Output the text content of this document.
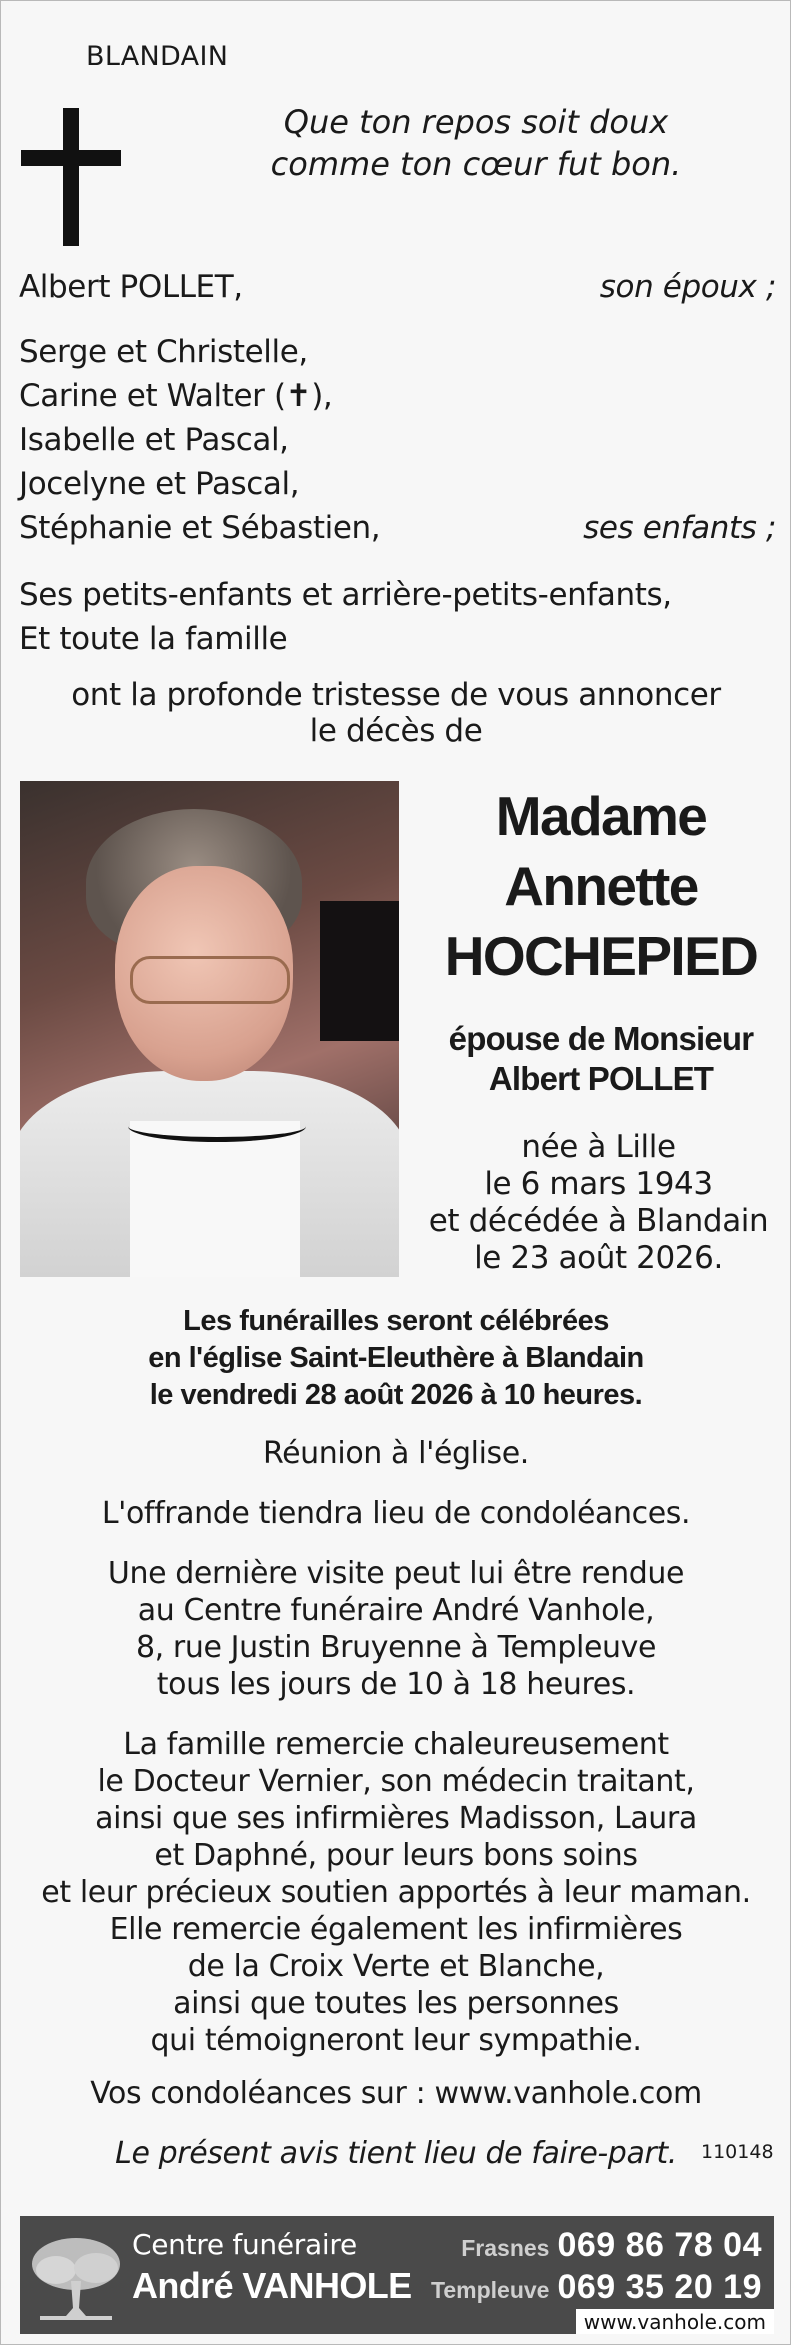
BLANDAIN
Que ton repos soit doux
comme ton cœur fut bon.
Albert POLLET,	son époux ;
Serge et Christelle,
Carine et Walter (✝),
Isabelle et Pascal,
Jocelyne et Pascal,
Stéphanie et Sébastien,	ses enfants ;
Ses petits-enfants et arrière-petits-enfants,
Et toute la famille
ont la profonde tristesse de vous annoncer
le décès de
Madame
Annette
HOCHEPIED
épouse de Monsieur
Albert POLLET
née à Lille
le 6 mars 1943
et décédée à Blandain
le 23 août 2026.
Les funérailles seront célébrées
en l'église Saint-Eleuthère à Blandain
le vendredi 28 août 2026 à 10 heures.
Réunion à l'église.
L'offrande tiendra lieu de condoléances.
Une dernière visite peut lui être rendue
au Centre funéraire André Vanhole,
8, rue Justin Bruyenne à Templeuve
tous les jours de 10 à 18 heures.
La famille remercie chaleureusement
le Docteur Vernier, son médecin traitant,
ainsi que ses infirmières Madisson, Laura
et Daphné, pour leurs bons soins
et leur précieux soutien apportés à leur maman.
Elle remercie également les infirmières
de la Croix Verte et Blanche,
ainsi que toutes les personnes
qui témoigneront leur sympathie.
Vos condoléances sur : www.vanhole.com
Le présent avis tient lieu de faire-part.	110148
Centre funéraire
André VANHOLE
Frasnes 069 86 78 04
Templeuve 069 35 20 19
www.vanhole.com
